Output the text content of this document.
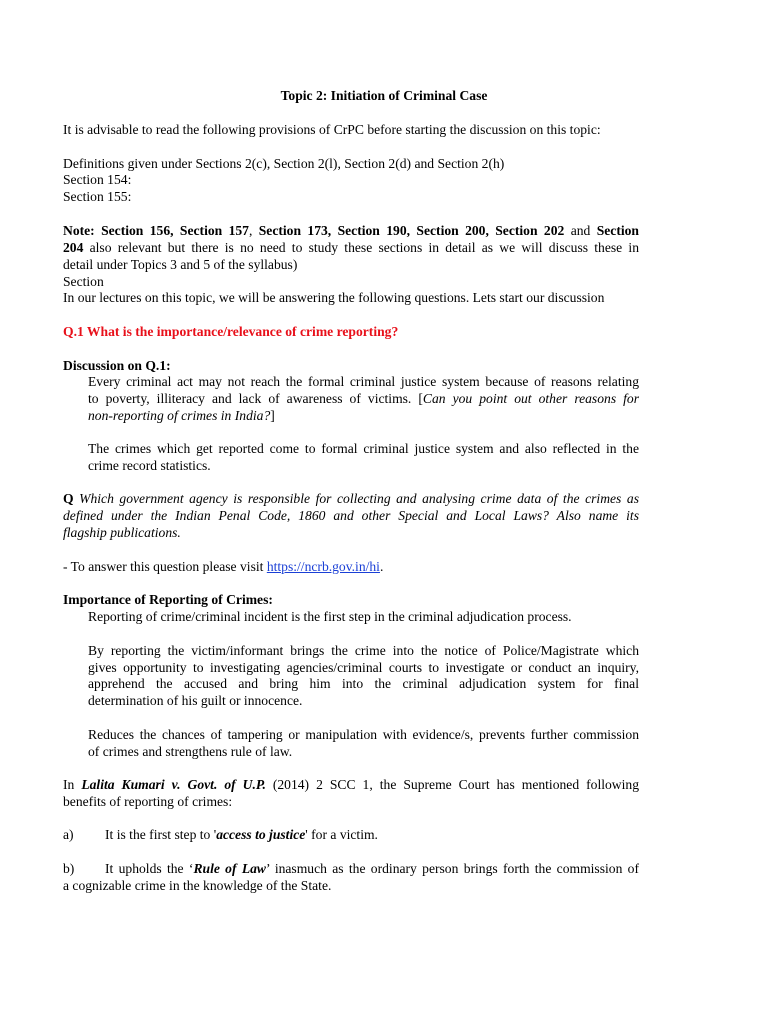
Topic 2: Initiation of Criminal Case
It is advisable to read the following provisions of CrPC before starting the discussion on this topic:
Definitions given under Sections 2(c), Section 2(l), Section 2(d) and Section 2(h)
Section 154:
Section 155:
Note: Section 156, Section 157, Section 173, Section 190, Section 200, Section 202 and Section
204 also relevant but there is no need to study these sections in detail as we will discuss these in
detail under Topics 3 and 5 of the syllabus)
Section
In our lectures on this topic, we will be answering the following questions. Lets start our discussion
Q.1 What is the importance/relevance of crime reporting?
Discussion on Q.1:
Every criminal act may not reach the formal criminal justice system because of reasons relating
to poverty, illiteracy and lack of awareness of victims. [Can you point out other reasons for
non-reporting of crimes in India?]
The crimes which get reported come to formal criminal justice system and also reflected in the
crime record statistics.
Q Which government agency is responsible for collecting and analysing crime data of the crimes as
defined under the Indian Penal Code, 1860 and other Special and Local Laws? Also name its
flagship publications.
- To answer this question please visit https://ncrb.gov.in/hi.
Importance of Reporting of Crimes:
Reporting of crime/criminal incident is the first step in the criminal adjudication process.
By reporting the victim/informant brings the crime into the notice of Police/Magistrate which
gives opportunity to investigating agencies/criminal courts to investigate or conduct an inquiry,
apprehend the accused and bring him into the criminal adjudication system for final
determination of his guilt or innocence.
Reduces the chances of tampering or manipulation with evidence/s, prevents further commission
of crimes and strengthens rule of law.
In Lalita Kumari v. Govt. of U.P. (2014) 2 SCC 1, the Supreme Court has mentioned following
benefits of reporting of crimes:
a) It is the first step to 'access to justice' for a victim.
b) It upholds the ‘Rule of Law’ inasmuch as the ordinary person brings forth the commission of
a cognizable crime in the knowledge of the State.
